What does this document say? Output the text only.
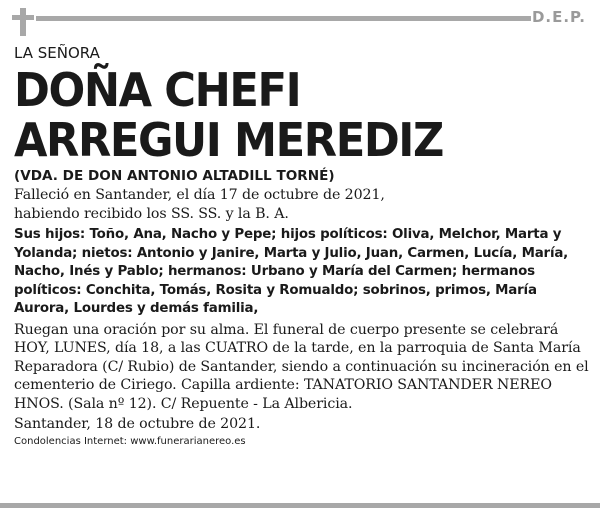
D.E.P.
LA SEÑORA
DOÑA CHEFI
ARREGUI MEREDIZ
(VDA. DE DON ANTONIO ALTADILL TORNÉ)
Falleció en Santander, el día 17 de octubre de 2021,
habiendo recibido los SS. SS. y la B. A.
Sus hijos: Toño, Ana, Nacho y Pepe; hijos políticos: Oliva, Melchor, Marta y Yolanda; nietos: Antonio y Janire, Marta y Julio, Juan, Carmen, Lucía, María, Nacho, Inés y Pablo; hermanos: Urbano y María del Carmen; hermanos políticos: Conchita, Tomás, Rosita y Romualdo; sobrinos, primos, María Aurora, Lourdes y demás familia,
Ruegan una oración por su alma. El funeral de cuerpo presente se celebrará HOY, LUNES, día 18, a las CUATRO de la tarde, en la parroquia de Santa María Reparadora (C/ Rubio) de Santander, siendo a continuación su incineración en el cementerio de Ciriego. Capilla ardiente: TANATORIO SANTANDER NEREO HNOS. (Sala nº 12). C/ Repuente - La Albericia.
Santander, 18 de octubre de 2021.
Condolencias Internet: www.funerarianereo.es
